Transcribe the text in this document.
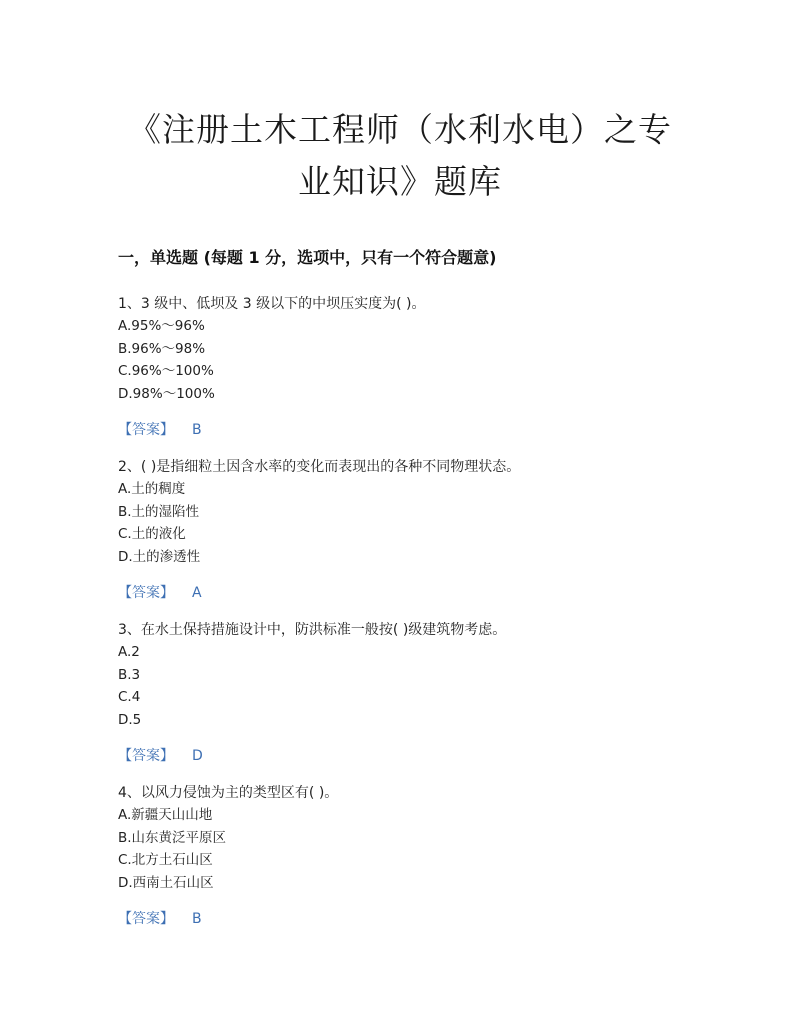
《注册土木工程师（水利水电）之专
业知识》题库
一，单选题 (每题 1 分，选项中，只有一个符合题意)
1、3 级中、低坝及 3 级以下的中坝压实度为( )。
A.95%～96%
B.96%～98%
C.96%～100%
D.98%～100%
【答案】 B
2、( )是指细粒土因含水率的变化而表现出的各种不同物理状态。
A.土的稠度
B.土的湿陷性
C.土的液化
D.土的渗透性
【答案】 A
3、在水土保持措施设计中，防洪标准一般按( )级建筑物考虑。
A.2
B.3
C.4
D.5
【答案】 D
4、以风力侵蚀为主的类型区有( )。
A.新疆天山山地
B.山东黄泛平原区
C.北方土石山区
D.西南土石山区
【答案】 B
